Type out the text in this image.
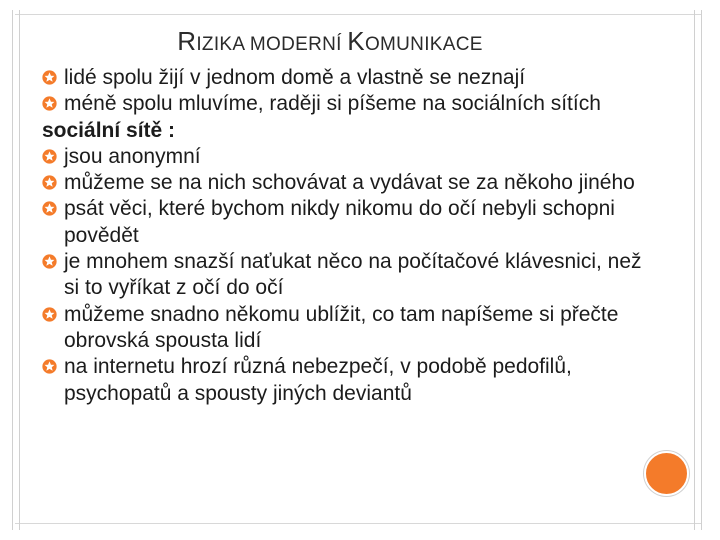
RIZIKA MODERNÍ KOMUNIKACE
lidé spolu žijí v jednom domě a vlastně se neznají
méně spolu mluvíme, raději si píšeme na sociálních sítích
sociální sítě :
jsou anonymní
můžeme se na nich schovávat a vydávat se za někoho jiného
psát věci, které bychom nikdy nikomu do očí nebyli schopni povědět
je mnohem snazší naťukat něco na počítačové klávesnici, než si to vyříkat z očí do očí
můžeme snadno někomu ublížit, co tam napíšeme si přečte obrovská spousta lidí
na internetu hrozí různá nebezpečí, v podobě pedofilů, psychopatů a spousty jiných deviantů
